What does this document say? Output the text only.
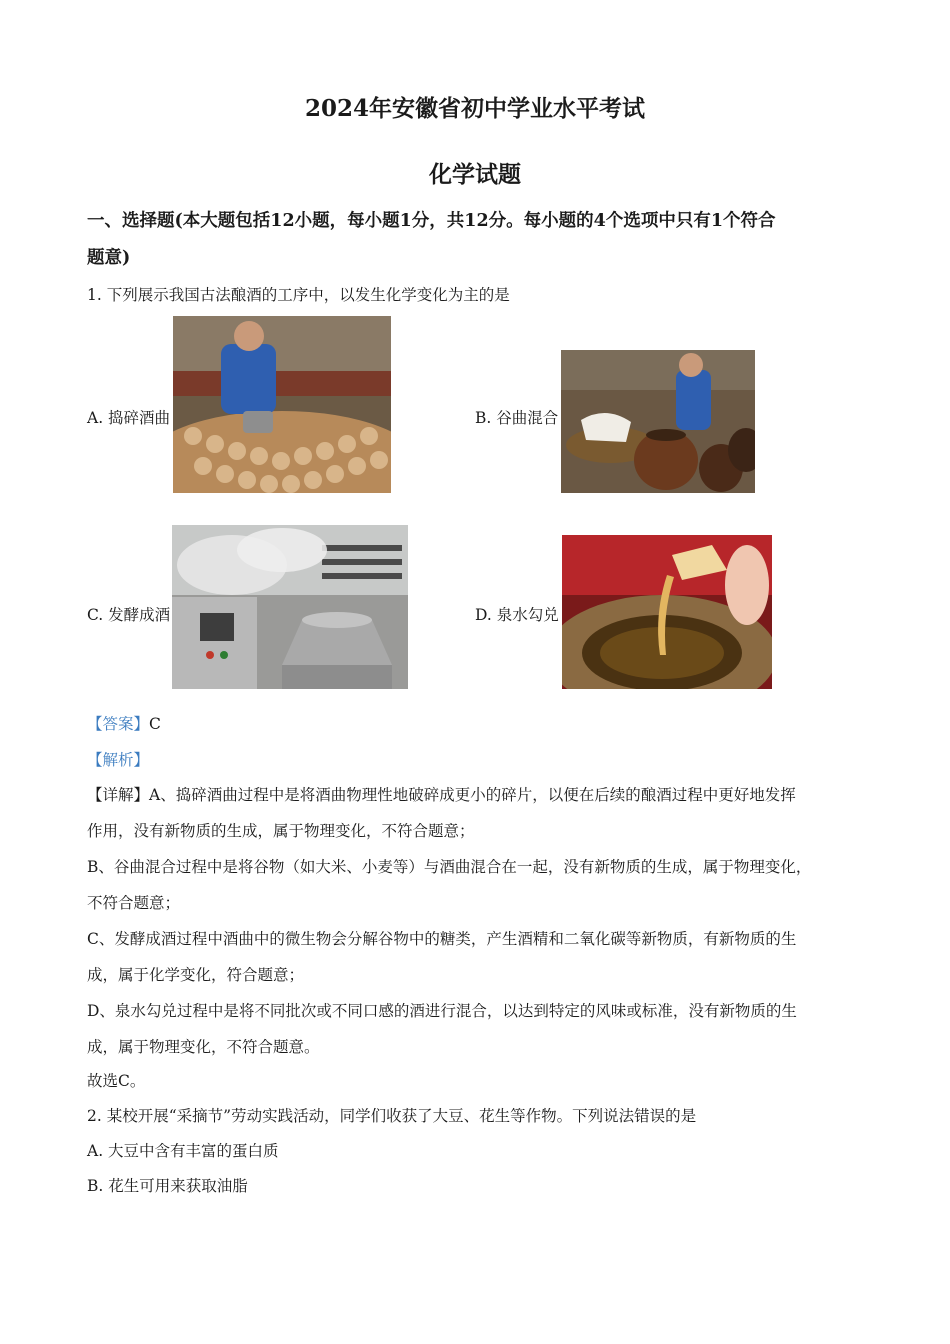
2024年安徽省初中学业水平考试
化学试题
一、选择题(本大题包括12小题，每小题1分，共12分。每小题的4个选项中只有1个符合
题意)
1. 下列展示我国古法酿酒的工序中，以发生化学变化为主的是
A. 捣碎酒曲	B. 谷曲混合
C. 发酵成酒	D. 泉水勾兑
【答案】C
【解析】
【详解】A、捣碎酒曲过程中是将酒曲物理性地破碎成更小的碎片，以便在后续的酿酒过程中更好地发挥
作用，没有新物质的生成，属于物理变化，不符合题意；
B、谷曲混合过程中是将谷物（如大米、小麦等）与酒曲混合在一起，没有新物质的生成，属于物理变化，
不符合题意；
C、发酵成酒过程中酒曲中的微生物会分解谷物中的糖类，产生酒精和二氧化碳等新物质，有新物质的生
成，属于化学变化，符合题意；
D、泉水勾兑过程中是将不同批次或不同口感的酒进行混合，以达到特定的风味或标准，没有新物质的生
成，属于物理变化，不符合题意。
故选C。
2. 某校开展“采摘节”劳动实践活动，同学们收获了大豆、花生等作物。下列说法错误的是
A. 大豆中含有丰富的蛋白质
B. 花生可用来获取油脂
